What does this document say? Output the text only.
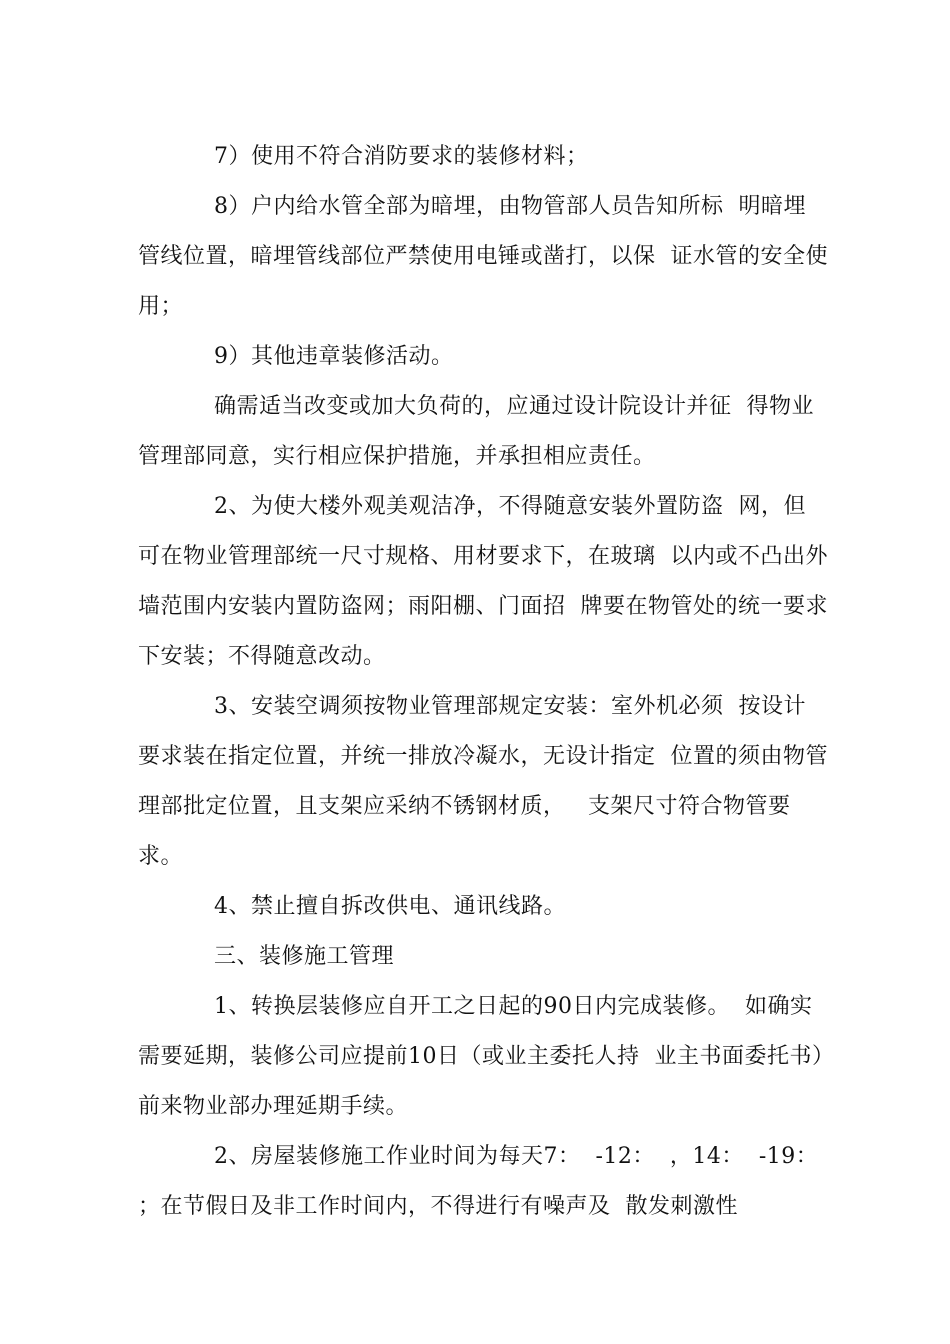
7）使用不符合消防要求的装修材料；

8）户内给水管全部为暗埋，由物管部人员告知所标  明暗埋管线位置，暗埋管线部位严禁使用电锤或凿打，以保  证水管的安全使用；

9）其他违章装修活动。

确需适当改变或加大负荷的，应通过设计院设计并征  得物业管理部同意，实行相应保护措施，并承担相应责任。

2、为使大楼外观美观洁净，不得随意安装外置防盗  网，但可在物业管理部统一尺寸规格、用材要求下，在玻璃  以内或不凸出外墙范围内安装内置防盗网；雨阳棚、门面招  牌要在物管处的统一要求下安装；不得随意改动。

3、安装空调须按物业管理部规定安装：室外机必须  按设计要求装在指定位置，并统一排放冷凝水，无设计指定  位置的须由物管理部批定位置，且支架应采纳不锈钢材质，   支架尺寸符合物管要求。

4、禁止擅自拆改供电、通讯线路。

三、装修施工管理

1、转换层装修应自开工之日起的90日内完成装修。  如确实需要延期，装修公司应提前10日（或业主委托人持  业主书面委托书）前来物业部办理延期手续。

2、房屋装修施工作业时间为每天7：  -12：  ，14：  -19：  ；在节假日及非工作时间内，不得进行有噪声及  散发刺激性
